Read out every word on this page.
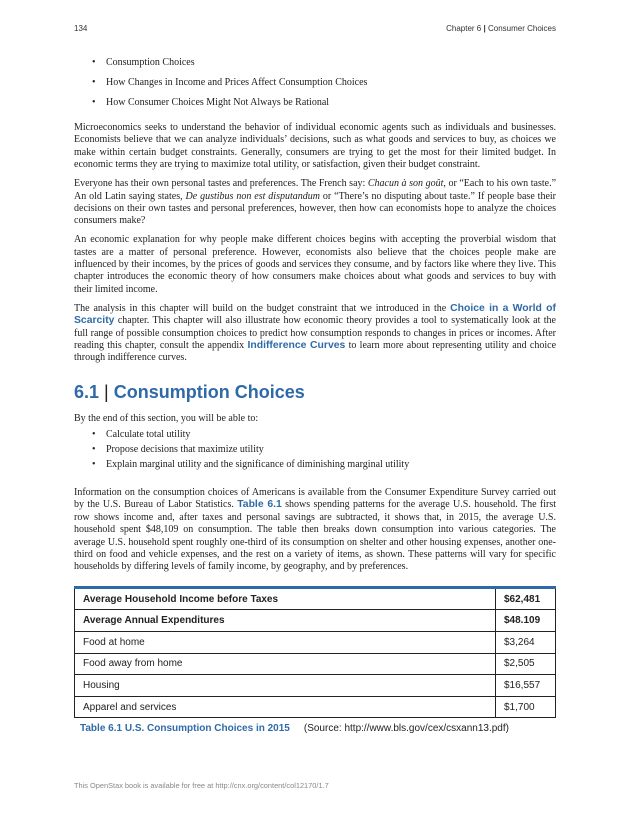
134	Chapter 6 | Consumer Choices
• Consumption Choices
• How Changes in Income and Prices Affect Consumption Choices
• How Consumer Choices Might Not Always be Rational

Microeconomics seeks to understand the behavior of individual economic agents such as individuals and businesses. Economists believe that we can analyze individuals’ decisions, such as what goods and services to buy, as choices we make within certain budget constraints. Generally, consumers are trying to get the most for their limited budget. In economic terms they are trying to maximize total utility, or satisfaction, given their budget constraint.

Everyone has their own personal tastes and preferences. The French say: Chacun à son goût, or “Each to his own taste.” An old Latin saying states, De gustibus non est disputandum or “There’s no disputing about taste.” If people base their decisions on their own tastes and personal preferences, however, then how can economists hope to analyze the choices consumers make?

An economic explanation for why people make different choices begins with accepting the proverbial wisdom that tastes are a matter of personal preference. However, economists also believe that the choices people make are influenced by their incomes, by the prices of goods and services they consume, and by factors like where they live. This chapter introduces the economic theory of how consumers make choices about what goods and services to buy with their limited income.

The analysis in this chapter will build on the budget constraint that we introduced in the Choice in a World of Scarcity chapter. This chapter will also illustrate how economic theory provides a tool to systematically look at the full range of possible consumption choices to predict how consumption responds to changes in prices or incomes. After reading this chapter, consult the appendix Indifference Curves to learn more about representing utility and choice through indifference curves.

6.1 | Consumption Choices

By the end of this section, you will be able to:

• Calculate total utility
• Propose decisions that maximize utility
• Explain marginal utility and the significance of diminishing marginal utility

Information on the consumption choices of Americans is available from the Consumer Expenditure Survey carried out by the U.S. Bureau of Labor Statistics. Table 6.1 shows spending patterns for the average U.S. household. The first row shows income and, after taxes and personal savings are subtracted, it shows that, in 2015, the average U.S. household spent $48,109 on consumption. The table then breaks down consumption into various categories. The average U.S. household spent roughly one-third of its consumption on shelter and other housing expenses, another one-third on food and vehicle expenses, and the rest on a variety of items, as shown. These patterns will vary for specific households by differing levels of family income, by geography, and by preferences.

Average Household Income before Taxes	$62,481
Average Annual Expenditures	$48.109
Food at home	$3,264
Food away from home	$2,505
Housing	$16,557
Apparel and services	$1,700
Table 6.1 U.S. Consumption Choices in 2015 (Source: http://www.bls.gov/cex/csxann13.pdf)
This OpenStax book is available for free at http://cnx.org/content/col12170/1.7
